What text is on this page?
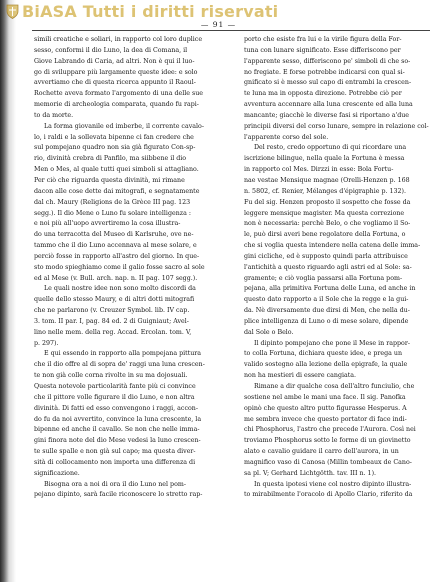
BiASA Tutti i diritti riservati
— 91 —

simili creatiche e soliari, in rapporto col loro duplice

sesso, conformi il dio Luno, la dea di Comana, il

Giove Labrando di Caria, ad altri. Non è qui il luo-

go di sviluppare più largamente queste idee: e solo

avvertiamo che di questa ricerca appunto il Raoul-

Rochette aveva formato l'argomento di una delle sue

memorie di archeologia comparata, quando fu rapi-

to da morte.

La forma giovanile ed imberbe, il corrente cavalo-

lo, i raldi e la sollevata bipenne ci fan credere che

sul pompejano quadro non sia già figurato Con-sp-

rio, divinità crebra di Panfilo, ma siibbene il dio

Men o Mes, al quale tutti quei simboli si attagliano.

Per ciò che riguarda questa divinità, mi rimane

dacon alle cose dette dai mitografi, e segnatamente

dal ch. Maury (Religions de la Grèce III pag. 123

segg.). Il dio Mene o Luno fu solare intelligenza :

e noi più all'uopo avvertiremo la cosa illustra-

do una terracotta del Museo di Karlsruhe, ove ne-

tammo che il dio Luno accennava al mese solare, e

perciò fosse in rapporto all'astro del giorno. In que-

sto modo spieghiamo come il galio fosse sacro al sole

ed al Mese (v. Bull. arch. nap. n. II pag. 107 segg.).

Le quali nostre idee non sono molto discordi da

quelle dello stesso Maury, e di altri dotti mitografi

che ne parlarono (v. Creuzer Symbol. lib. IV cap.

3. tom. II par. I, pag. 84 ed. 2 di Guigniaut; Avel-

lino nelle mem. della reg. Accad. Ercolan. tom. V,

p. 297).

E qui essendo in rapporto alla pompejana pittura

che il dio offre al di sopra de' raggi una luna crescen-

te non già colle corna rivolte in su ma dojosuali.

Questa notevole particolarità fante più ci convince

che il pittore volle figurare il dio Luno, e non altra

divinità. Di fatti ed esso convengono i raggi, accon-

do fu da noi avvertito, convince la luna crescente, la

bipenne ed anche il cavallo. Se non che nelle imma-

gini finora note del dio Mese vedesi la luno crescen-

te sulle spalle e non già sul capo; ma questa diver-

sità di collocamento non importa una differenza di

significazione.

Bisogna ora a noi di ora il dio Luno nel pom-

pejano dipinto, sarà facile riconoscere lo stretto rap-

porto che esiste fra lui e la virile figura della For-

tuna con lunare significato. Esse differiscono per

l'apparente sesso, differiscono pe' simboli di che so-

no fregiate. E forse potrebbe indicarsi con qual si-

gnificato si è messo sul capo di entrambi la crescen-

te luna ma in opposta direzione. Potrebbe ciò per

avventura accennare alla luna crescente ed alla luna

mancante; giacchè le diverse fasi si riportano a'due

principii diversi del corso lunare, sempre in relazione col-

l'apparente corso del sole.

Del resto, credo opportuno di qui ricordare una

iscrizione bilingue, nella quale la Fortuna è messa

in rapporto col Mes. Dirzzi in esse: Bola Fortu-

nae vestae Mensique magnae (Orelli-Henzen p. 168

n. 5802, cf. Renier, Mélanges d'épigraphie p. 132).

Fu del sig. Henzen proposto il sospetto che fosse da

leggere mensique magister. Ma questa correzione

non è necessaria: perchè Belo, o che vogliamo il So-

le, può dirsi averi bene regolatore della Fortuna, o

che si voglia questa intendere nella catena delle imma-

gini cicliche, ed è supposto quindi parla attribuisce

l'antichità a questo riguardo agli astri ed al Sole: sa-

gramente; e ciò voglia passarsi alla Fortuna pom-

pejana, alla primitiva Fortuna delle Luna, ed anche in

questo dato rapporto a il Sole che la regge e la gui-

da. Nè diversamente due dirsi di Men, che nella du-

plice intelligenza di Luno o di mese solare, dipende

dal Sole o Belo.

Il dipinto pompejano che pone il Mese in rappor-

to colla Fortuna, dichiara queste idee, e prega un

valido sostegno alla lezione della epigrafe, la quale

non ha mestieri di essere cangiata.

Rimane a dir qualche cosa dell'altro funciulio, che

sostiene nel ambe le mani una face. Il sig. Panofka

opinò che questo altro putto figurasse Hesperus. A

me sembra invece che questo portator di face indi-

chi Phosphorus, l'astro che precede l'Aurora. Così nei

troviamo Phosphorus sotto le forme di un giovinetto

alato e cavalio guidare il carro dell'aurora, in un

magnifico vaso di Canosa (Millin tombeaux de Cano-

sa pl. V; Gerhard Lichtgötth. tav. III n. 1).

In questa ipotesi viene col nostro dipinto illustra-

to mirabilmente l'oracolo di Apollo Clario, riferito da
